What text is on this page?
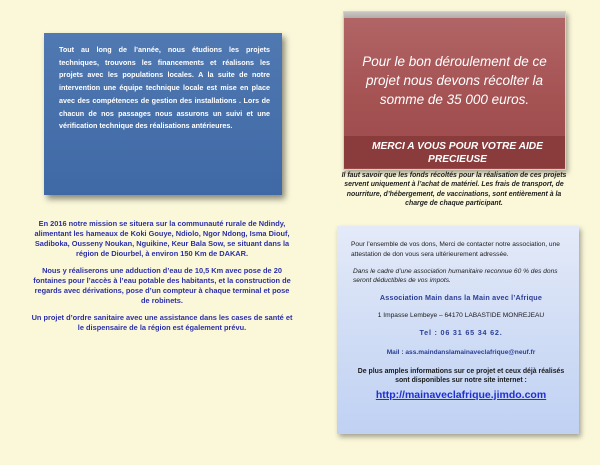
Tout au long de l’année, nous étudions les projets techniques, trouvons les financements et réalisons les projets avec les populations locales. A la suite de notre intervention une équipe technique locale est mise en place avec des compétences de gestion des installations . Lors de chacun de nos passages nous assurons un suivi et une vérification technique des réalisations antérieures.

Pour le bon déroulement de ce projet nous devons récolter la somme de 35 000 euros.
MERCI A VOUS POUR VOTRE AIDE PRECIEUSE

Il faut savoir que les fonds récoltés pour la réalisation de ces projets servent uniquement à l’achat de matériel. Les frais de transport, de nourriture, d’hébergement, de vaccinations, sont entièrement à la charge de chaque participant.

En 2016 notre mission se situera sur la communauté rurale de Ndindy, alimentant les hameaux de Koki Gouye, Ndiolo, Ngor Ndong, Isma Diouf, Sadiboka, Ousseny Noukan, Nguikine, Keur Bala Sow, se situant dans la région de Diourbel, à environ 150 Km de DAKAR.

Nous y réaliserons une adduction d’eau de 10,5 Km avec pose de 20 fontaines pour l’accès à l’eau potable des habitants, et la construction de regards avec dérivations, pose d’un compteur à chaque terminal et pose de robinets.

Un projet d’ordre sanitaire avec une assistance dans les cases de santé et le dispensaire de la région est également prévu.

Pour l’ensemble de vos dons, Merci de contacter notre association, une attestation de don vous sera ultérieurement adressée.

Dans le cadre d’une association humanitaire reconnue 60 % des dons seront déductibles de vos impots.

Association Main dans la Main avec l’Afrique

1 Impasse Lembeye – 64170 LABASTIDE MONREJEAU

Tel : 06 31 65 34 62.

Mail : ass.maindanslamainaveclafrique@neuf.fr

De plus amples informations sur ce projet et ceux déjà réalisés sont disponibles sur notre site internet :

http://mainaveclafrique.jimdo.com
